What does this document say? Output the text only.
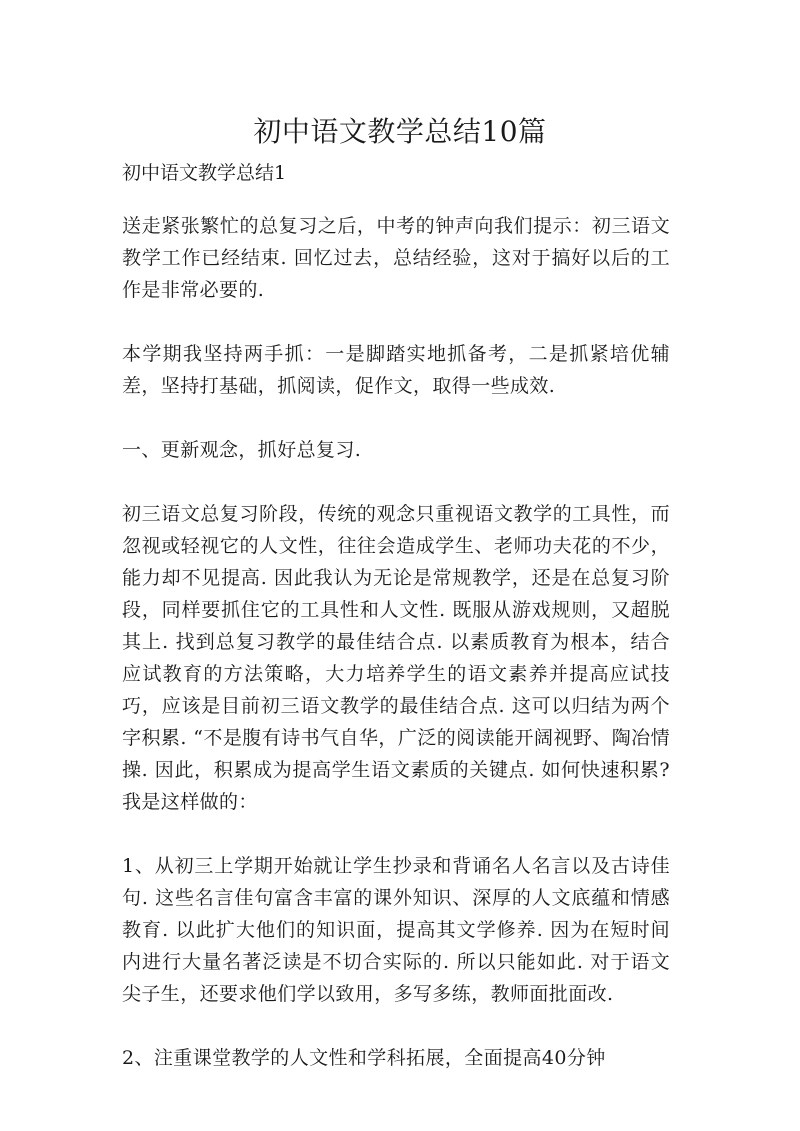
初中语文教学总结10篇

初中语文教学总结1

送走紧张繁忙的总复习之后，中考的钟声向我们提示：初三语文教学工作已经结束. 回忆过去，总结经验，这对于搞好以后的工作是非常必要的.

本学期我坚持两手抓：一是脚踏实地抓备考，二是抓紧培优辅差，坚持打基础，抓阅读，促作文，取得一些成效.

一、更新观念，抓好总复习.

初三语文总复习阶段，传统的观念只重视语文教学的工具性，而忽视或轻视它的人文性，往往会造成学生、老师功夫花的不少，能力却不见提高. 因此我认为无论是常规教学，还是在总复习阶段，同样要抓住它的工具性和人文性. 既服从游戏规则，又超脱其上. 找到总复习教学的最佳结合点. 以素质教育为根本，结合应试教育的方法策略，大力培养学生的语文素养并提高应试技巧，应该是目前初三语文教学的最佳结合点. 这可以归结为两个字积累. “不是腹有诗书气自华，广泛的阅读能开阔视野、陶冶情操. 因此，积累成为提高学生语文素质的关键点. 如何快速积累?我是这样做的：

1、从初三上学期开始就让学生抄录和背诵名人名言以及古诗佳句. 这些名言佳句富含丰富的课外知识、深厚的人文底蕴和情感教育. 以此扩大他们的知识面，提高其文学修养. 因为在短时间内进行大量名著泛读是不切合实际的. 所以只能如此. 对于语文尖子生，还要求他们学以致用，多写多练，教师面批面改.

2、注重课堂教学的人文性和学科拓展，全面提高40分钟
